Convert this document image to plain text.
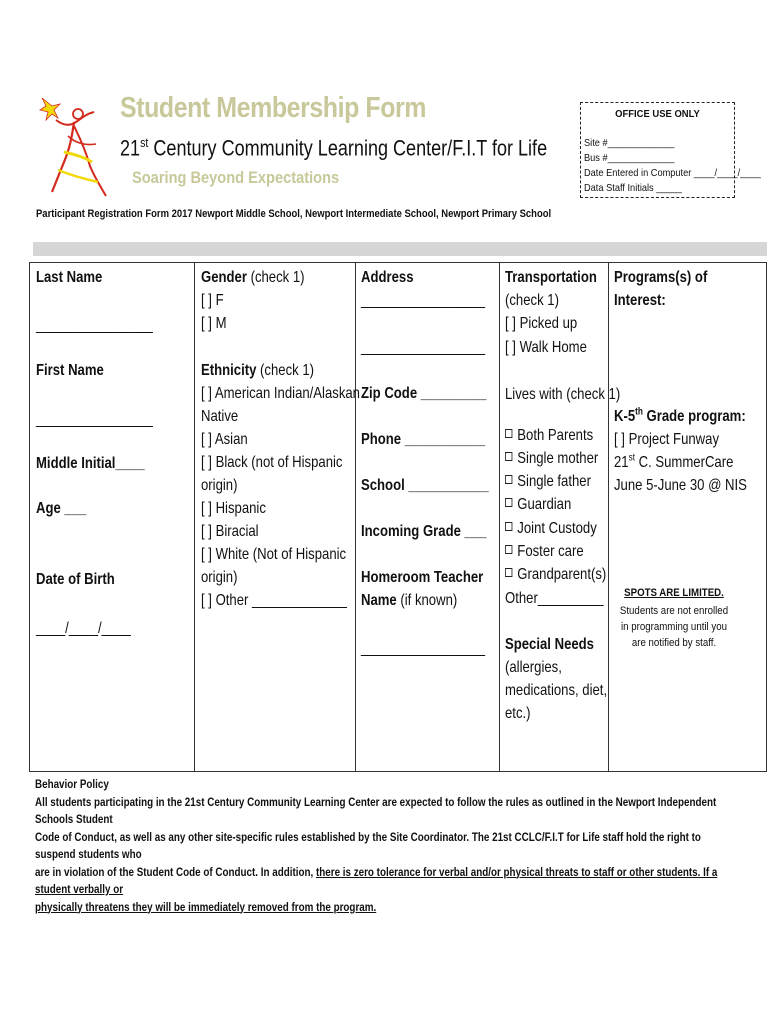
Student Membership Form
21st Century Community Learning Center/F.I.T for Life
Soaring Beyond Expectations
OFFICE USE ONLY
Site #_____________
Bus #_____________
Date Entered in Computer ____/____/____
Data Staff Initials _____
Participant Registration Form 2017 Newport Middle School, Newport Intermediate School, Newport Primary School
Last Name
________________
First Name
________________
Middle Initial____
Age ___
Date of Birth
____/____/____
Gender (check 1)
[ ] F
[ ] M
Ethnicity (check 1)
[ ] American Indian/Alaskan
Native
[ ] Asian
[ ] Black (not of Hispanic
origin)
[ ] Hispanic
[ ] Biracial
[ ] White (Not of Hispanic
origin)
[ ] Other _____________
Address
_________________
_________________
Zip Code _________
Phone ___________
School ___________
Incoming Grade ___
Homeroom Teacher
Name (if known)
_________________
Transportation
(check 1)
[ ] Picked up
[ ] Walk Home
Lives with (check 1)
Both Parents
Single mother
Single father
Guardian
Joint Custody
Foster care
Grandparent(s)
Other_________
Special Needs
(allergies,
medications, diet,
etc.)
Programs(s) of
Interest:
K-5th Grade program:
[ ] Project Funway
21st C. SummerCare
June 5-June 30 @ NIS
SPOTS ARE LIMITED.
Students are not enrolled in programming until you are notified by staff.
Behavior Policy
All students participating in the 21st Century Community Learning Center are expected to follow the rules as outlined in the Newport Independent Schools Student
Code of Conduct, as well as any other site-specific rules established by the Site Coordinator. The 21st CCLC/F.I.T for Life staff hold the right to suspend students who
are in violation of the Student Code of Conduct. In addition, there is zero tolerance for verbal and/or physical threats to staff or other students. If a student verbally or
physically threatens they will be immediately removed from the program.
